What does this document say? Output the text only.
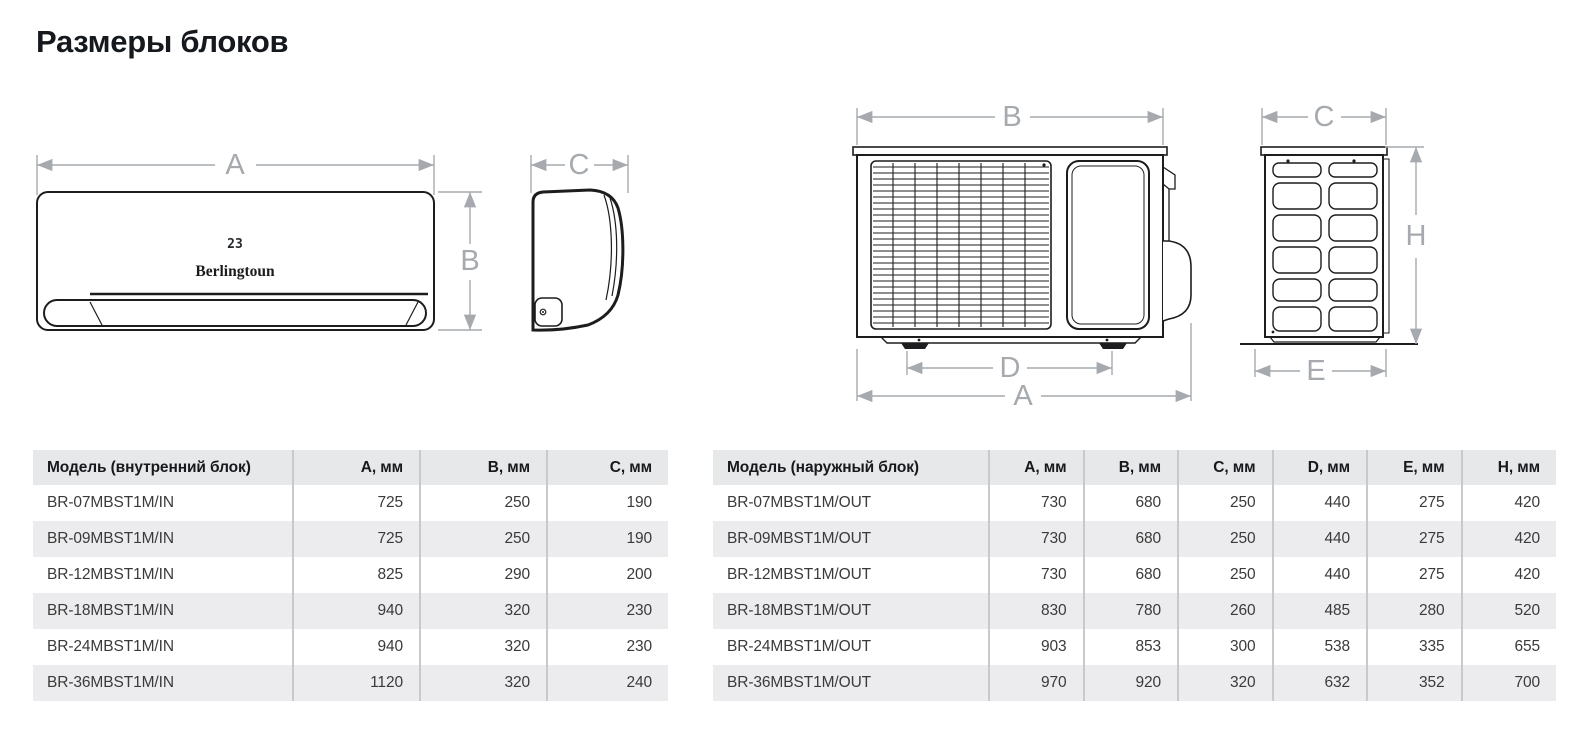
Размеры блоков
A
23
Berlingtoun	B
C
B
D
A
C
H
E
Модель (внутренний блок)	A, мм	B, мм	C, мм
BR-07MBST1M/IN	725	250	190
BR-09MBST1M/IN	725	250	190
BR-12MBST1M/IN	825	290	200
BR-18MBST1M/IN	940	320	230
BR-24MBST1M/IN	940	320	230
BR-36MBST1M/IN	1120	320	240
Модель (наружный блок)	A, мм	B, мм	C, мм	D, мм	E, мм	H, мм
BR-07MBST1M/OUT	730	680	250	440	275	420
BR-09MBST1M/OUT	730	680	250	440	275	420
BR-12MBST1M/OUT	730	680	250	440	275	420
BR-18MBST1M/OUT	830	780	260	485	280	520
BR-24MBST1M/OUT	903	853	300	538	335	655
BR-36MBST1M/OUT	970	920	320	632	352	700
